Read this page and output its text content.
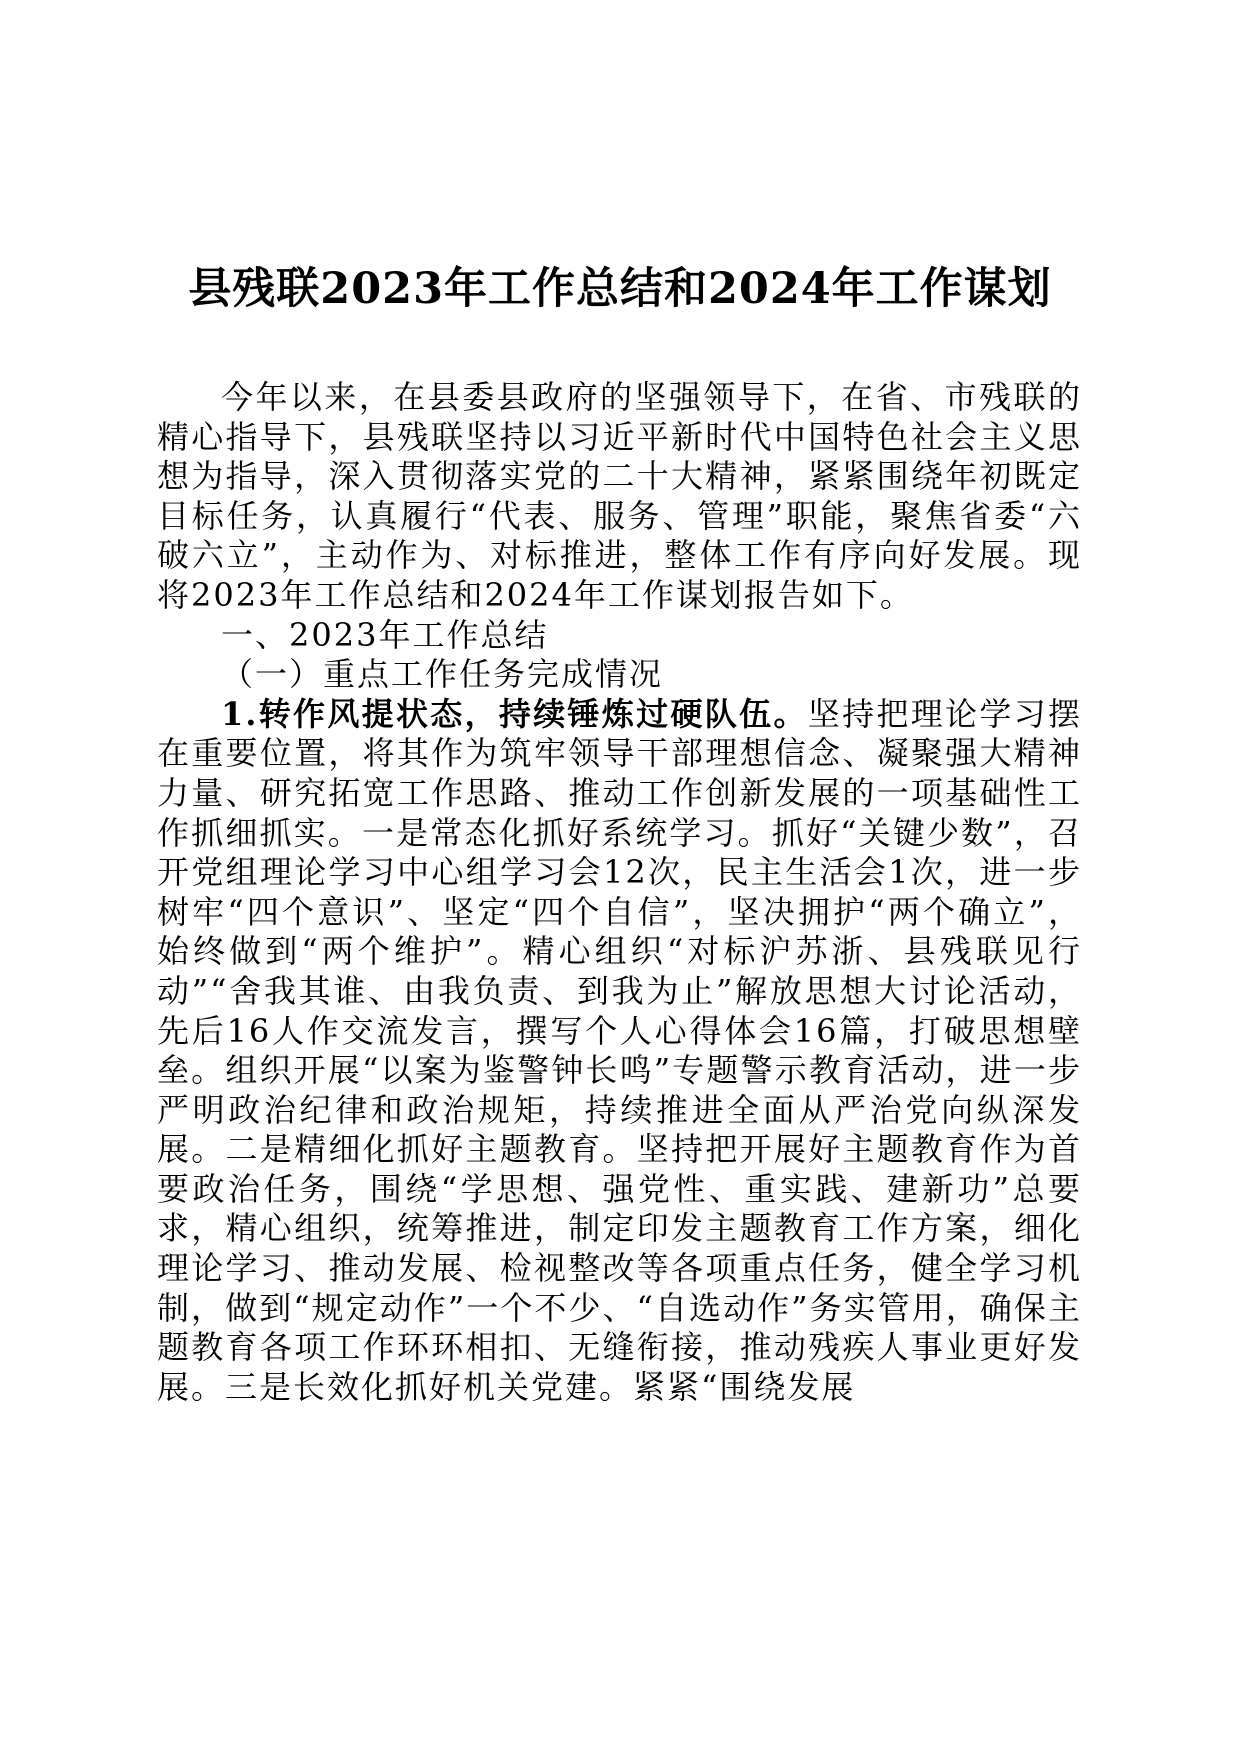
县残联2023年工作总结和2024年工作谋划

今年以来，在县委县政府的坚强领导下，在省、市残联的精心指导下，县残联坚持以习近平新时代中国特色社会主义思想为指导，深入贯彻落实党的二十大精神，紧紧围绕年初既定目标任务，认真履行“代表、服务、管理”职能，聚焦省委“六破六立”，主动作为、对标推进，整体工作有序向好发展。现将2023年工作总结和2024年工作谋划报告如下。

一、2023年工作总结

（一）重点工作任务完成情况

1.转作风提状态，持续锤炼过硬队伍。坚持把理论学习摆在重要位置，将其作为筑牢领导干部理想信念、凝聚强大精神力量、研究拓宽工作思路、推动工作创新发展的一项基础性工作抓细抓实。一是常态化抓好系统学习。抓好“关键少数”，召开党组理论学习中心组学习会12次，民主生活会1次，进一步树牢“四个意识”、坚定“四个自信”，坚决拥护“两个确立”，始终做到“两个维护”。精心组织“对标沪苏浙、县残联见行动”“舍我其谁、由我负责、到我为止”解放思想大讨论活动，先后16人作交流发言，撰写个人心得体会16篇，打破思想壁垒。组织开展“以案为鉴警钟长鸣”专题警示教育活动，进一步严明政治纪律和政治规矩，持续推进全面从严治党向纵深发展。二是精细化抓好主题教育。坚持把开展好主题教育作为首要政治任务，围绕“学思想、强党性、重实践、建新功”总要求，精心组织，统筹推进，制定印发主题教育工作方案，细化理论学习、推动发展、检视整改等各项重点任务，健全学习机制，做到“规定动作”一个不少、“自选动作”务实管用，确保主题教育各项工作环环相扣、无缝衔接，推动残疾人事业更好发展。三是长效化抓好机关党建。紧紧“围绕发展
